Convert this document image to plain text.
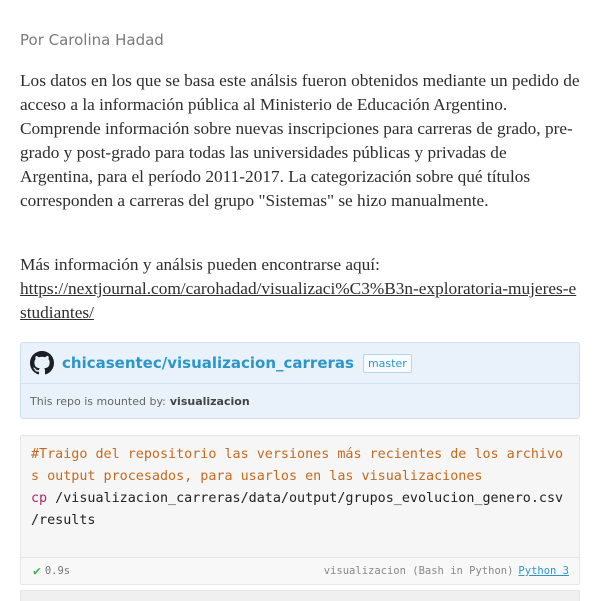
Por Carolina Hadad

Los datos en los que se basa este análsis fueron obtenidos mediante un pedido de acceso a la información pública al Ministerio de Educación Argentino. Comprende información sobre nuevas inscripciones para carreras de grado, pre-grado y post-grado para todas las universidades públicas y privadas de Argentina, para el período 2011-2017. La categorización sobre qué títulos corresponden a carreras del grupo "Sistemas" se hizo manualmente.

Más información y análsis pueden encontrarse aquí:
https://nextjournal.com/carohadad/visualizaci%C3%B3n-exploratoria-mujeres-estudiantes/

chicasentec/visualizacion_carreras	master
This repo is mounted by: visualizacion
#Traigo del repositorio las versiones más recientes de los archivos output procesados, para usarlos en las visualizaciones
cp /visualizacion_carreras/data/output/grupos_evolucion_genero.csv /results
✔ 0.9s	visualizacion (Bash in Python) Python 3
